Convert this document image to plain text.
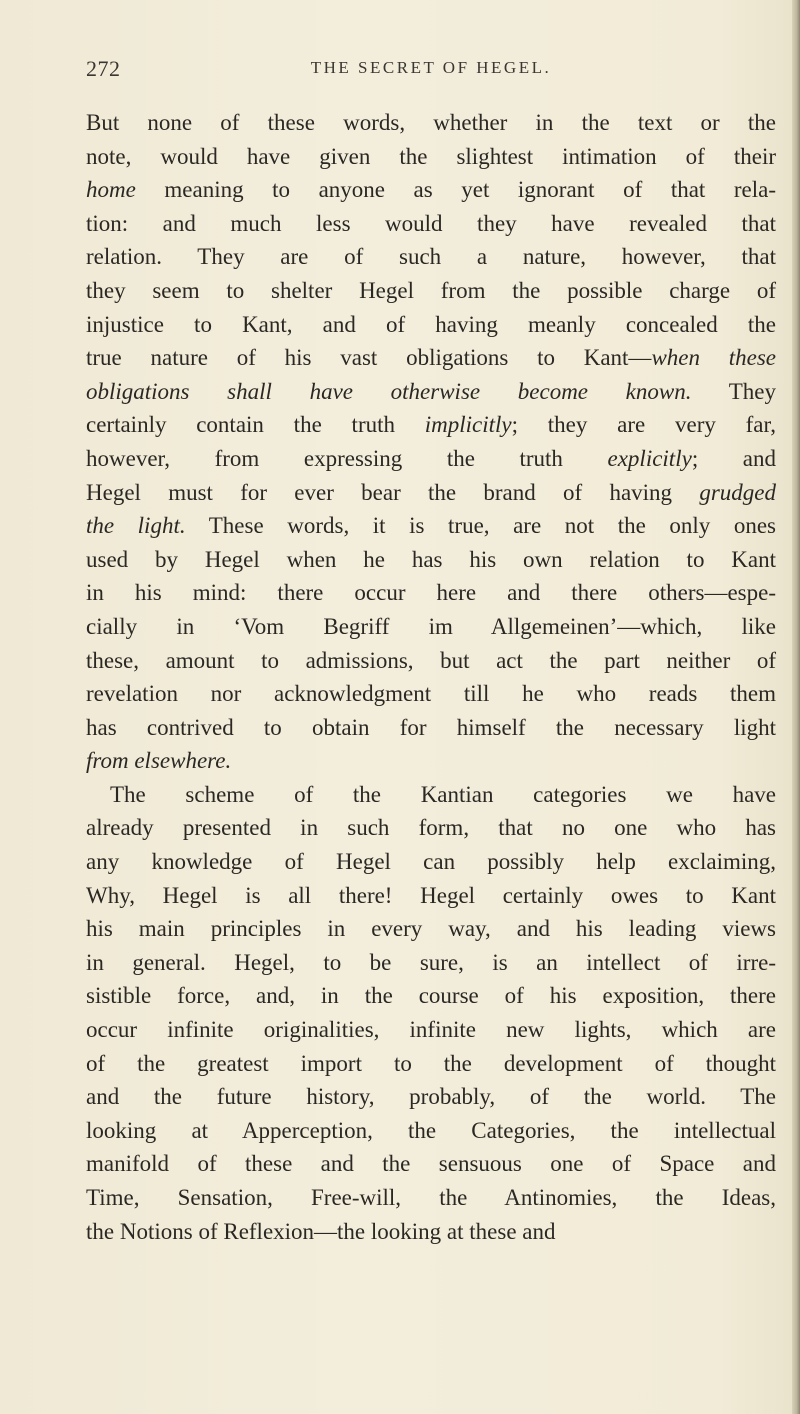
272	THE SECRET OF HEGEL.
But none of these words, whether in the text or the
note, would have given the slightest intimation of their
home meaning to anyone as yet ignorant of that rela-
tion: and much less would they have revealed that
relation. They are of such a nature, however, that
they seem to shelter Hegel from the possible charge of
injustice to Kant, and of having meanly concealed the
true nature of his vast obligations to Kant—when these
obligations shall have otherwise become known. They
certainly contain the truth implicitly; they are very far,
however, from expressing the truth explicitly; and
Hegel must for ever bear the brand of having grudged
the light. These words, it is true, are not the only ones
used by Hegel when he has his own relation to Kant
in his mind: there occur here and there others—espe-
cially in ‘Vom Begriff im Allgemeinen’—which, like
these, amount to admissions, but act the part neither of
revelation nor acknowledgment till he who reads them
has contrived to obtain for himself the necessary light
from elsewhere.
The scheme of the Kantian categories we have
already presented in such form, that no one who has
any knowledge of Hegel can possibly help exclaiming,
Why, Hegel is all there! Hegel certainly owes to Kant
his main principles in every way, and his leading views
in general. Hegel, to be sure, is an intellect of irre-
sistible force, and, in the course of his exposition, there
occur infinite originalities, infinite new lights, which are
of the greatest import to the development of thought
and the future history, probably, of the world. The
looking at Apperception, the Categories, the intellectual
manifold of these and the sensuous one of Space and
Time, Sensation, Free-will, the Antinomies, the Ideas,
the Notions of Reflexion—the looking at these and
